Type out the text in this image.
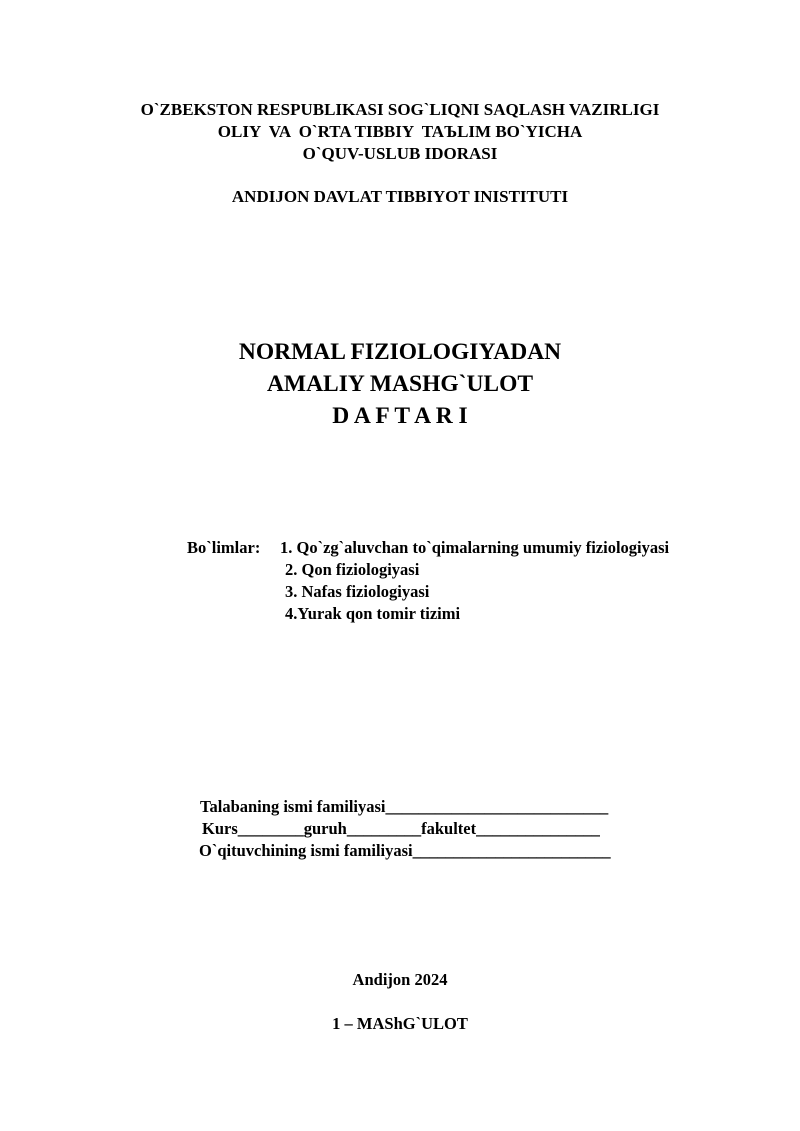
O`ZBEKSTON RESPUBLIKASI SOG`LIQNI SAQLASH VAZIRLIGI
OLIY  VA  O`RTA TIBBIY  TAЪLIM BO`YICHA
O`QUV-USLUB IDORASI
ANDIJON DAVLAT TIBBIYOT INISTITUTI
NORMAL FIZIOLOGIYADAN
AMALIY MASHG`ULOT
D A F T A R I
Bo`limlar: 1. Qo`zg`aluvchan to`qimalarning umumiy fiziologiyasi
2. Qon fiziologiyasi
3. Nafas fiziologiyasi
4.Yurak qon tomir tizimi
Talabaning ismi familiyasi___________________________
Kurs________guruh_________fakultet_______________
O`qituvchining ismi familiyasi________________________
Andijon 2024
1 – MAShG`ULOT
